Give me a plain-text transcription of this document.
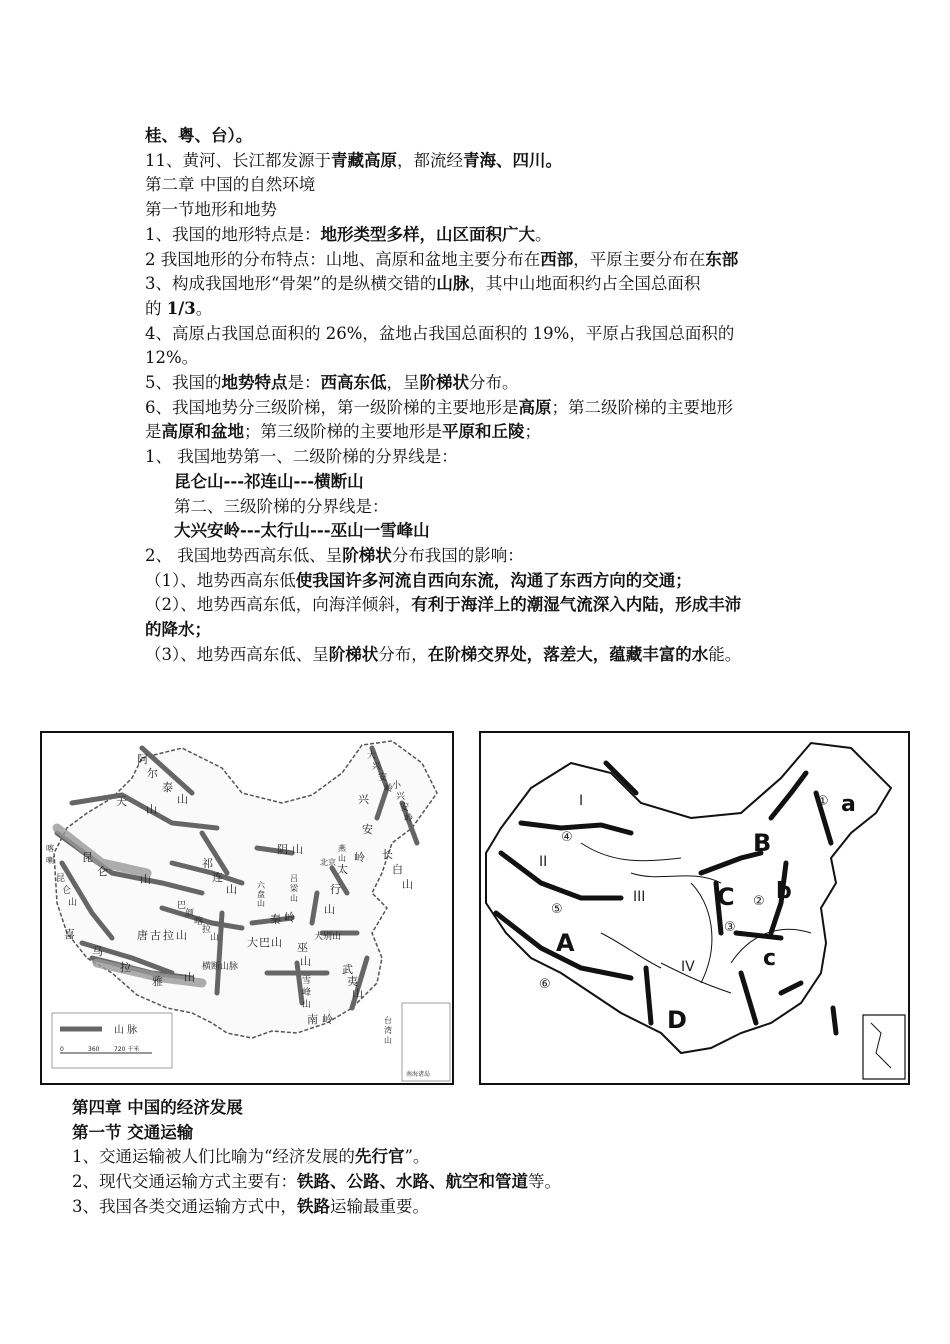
桂、粤、台）。
11、黄河、长江都发源于青藏高原，都流经青海、四川。
第二章 中国的自然环境
第一节地形和地势
1、我国的地形特点是：地形类型多样，山区面积广大。
2 我国地形的分布特点：山地、高原和盆地主要分布在西部，平原主要分布在东部
3、构成我国地形“骨架”的是纵横交错的山脉，其中山地面积约占全国总面积
的 1/3。
4、高原占我国总面积的 26%，盆地占我国总面积的 19%，平原占我国总面积的
12%。
5、我国的地势特点是：西高东低，呈阶梯状分布。
6、我国地势分三级阶梯，第一级阶梯的主要地形是高原；第二级阶梯的主要地形
是高原和盆地；第三级阶梯的主要地形是平原和丘陵；
1、 我国地势第一、二级阶梯的分界线是：
昆仑山---祁连山---横断山
第二、三级阶梯的分界线是：
大兴安岭---太行山---巫山一雪峰山
2、 我国地势西高东低、呈阶梯状分布我国的影响：
（1）、地势西高东低使我国许多河流自西向东流，沟通了东西方向的交通；
（2）、地势西高东低，向海洋倾斜，有利于海洋上的潮湿气流深入内陆，形成丰沛
的降水；
（3）、地势西高东低、呈阶梯状分布，在阶梯交界处，落差大，蕴藏丰富的水能。
阿
尔
泰
山
天
山
昆
仑
山
喀
喇
昆
仑
山
喜
马
拉
雅 山
祁
连
山
巴
颜
喀
拉
山
唐 古 拉 山
阴 山
大
兴
安
岭
小
兴
安
岭
兴
安
岭 长
白
山
太
行
山
秦 岭
大 巴 山 巫
山
大别山
横断山脉
雪
峰
山
南 岭
武
夷
山
台
湾
山
六
盘
山
吕
梁
山
燕
山
北京
山 脉
0	360 720 千米
南海诸岛
I
II
III
IV
①
②
③
④
⑤
⑥
A
B
C
D
a
b
c
第四章 中国的经济发展
第一节 交通运输
1、交通运输被人们比喻为“经济发展的先行官”。
2、现代交通运输方式主要有：铁路、公路、水路、航空和管道等。
3、我国各类交通运输方式中，铁路运输最重要。
